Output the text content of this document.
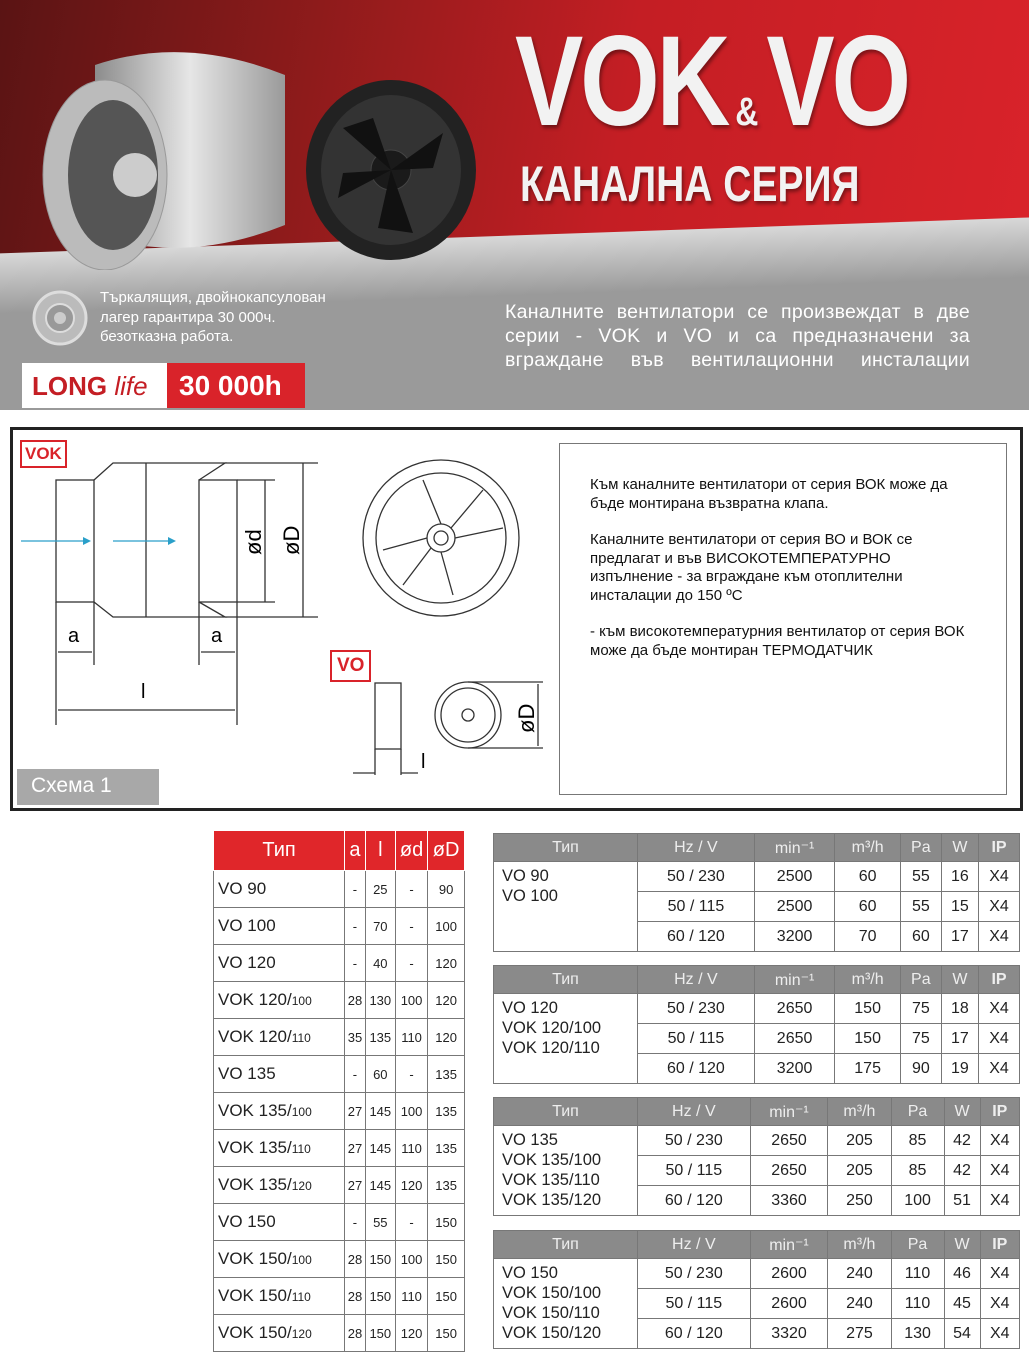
VOK &VO
КАНАЛНА СЕРИЯ
Търкалящия, двойнокапсулован
лагер гарантира 30 000ч.
безотказна работа.
LONG life	30 000h
Каналните вентилатори се произвеждат в две серии - VOK и VO и са предназначени за вграждане във вентилационни инсталации
VOK
VO
a	a
l
l
ød øD
øD
Схема 1

Към каналните вентилатори от серия ВОК може да бъде монтирана възвратна клапа.

Каналните вентилатори от серия ВО и ВОК се предлагат и във ВИСОКОТЕМПЕРАТУРНО изпълнение - за вграждане към отоплителни инсталации до 150 ºC

- към високотемпературния вентилатор от серия ВОК може да бъде монтиран ТЕРМОДАТЧИК

Тип	a	l	ød	øD
VO 90	-	25	-	90
VO 100	-	70	-	100
VO 120	-	40	-	120
VOK 120/100	28	130	100	120
VOK 120/110	35	135	110	120
VO 135	-	60	-	135
VOK 135/100	27	145	100	135
VOK 135/110	27	145	110	135
VOK 135/120	27	145	120	135
VO 150	-	55	-	150
VOK 150/100	28	150	100	150
VOK 150/110	28	150	110	150
VOK 150/120	28	150	120	150
Тип	Hz / V	min⁻¹	m³/h	Pa	W	IP

VO 90
VO 100	50 / 230	2500	60	55	16	X4
	50 / 115	2500	60	55	15	X4
	60 / 120	3200	70	60	17	X4
Тип	Hz / V	min⁻¹	m³/h	Pa	W	IP

VO 120
VOK 120/100
VOK 120/110	50 / 230	2650	150	75	18	X4
	50 / 115	2650	150	75	17	X4
	60 / 120	3200	175	90	19	X4
Тип	Hz / V	min⁻¹	m³/h	Pa	W	IP

VO 135
VOK 135/100
VOK 135/110
VOK 135/120	50 / 230	2650	205	85	42	X4
	50 / 115	2650	205	85	42	X4
	60 / 120	3360	250	100	51	X4
Тип	Hz / V	min⁻¹	m³/h	Pa	W	IP

VO 150
VOK 150/100
VOK 150/110
VOK 150/120	50 / 230	2600	240	110	46	X4
	50 / 115	2600	240	110	45	X4
	60 / 120	3320	275	130	54	X4
